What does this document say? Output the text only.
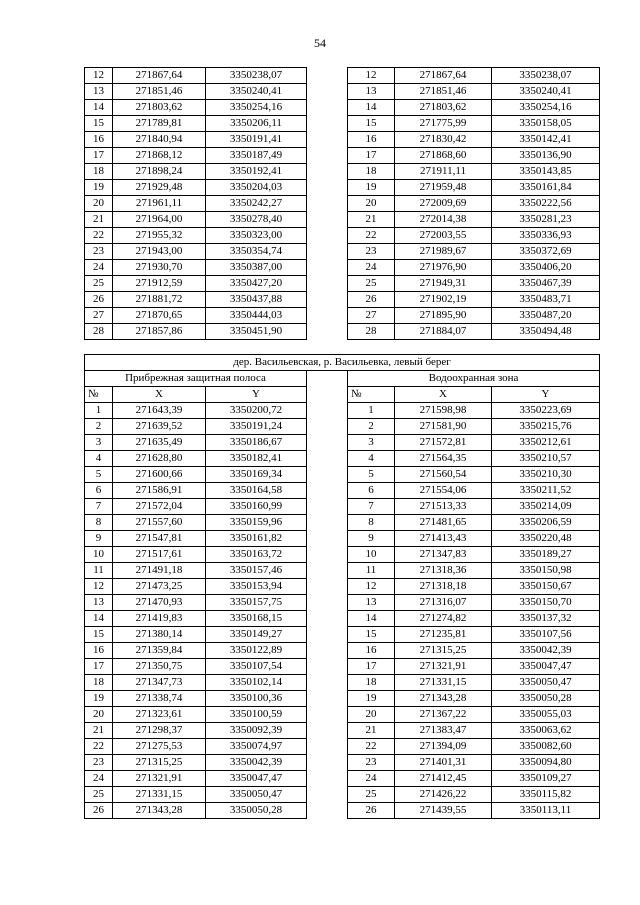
54
12	271867,64	3350238,07		12	271867,64	3350238,07
13	271851,46	3350240,41		13	271851,46	3350240,41
14	271803,62	3350254,16		14	271803,62	3350254,16
15	271789,81	3350206,11		15	271775,99	3350158,05
16	271840,94	3350191,41		16	271830,42	3350142,41
17	271868,12	3350187,49		17	271868,60	3350136,90
18	271898,24	3350192,41		18	271911,11	3350143,85
19	271929,48	3350204,03		19	271959,48	3350161,84
20	271961,11	3350242,27		20	272009,69	3350222,56
21	271964,00	3350278,40		21	272014,38	3350281,23
22	271955,32	3350323,00		22	272003,55	3350336,93
23	271943,00	3350354,74		23	271989,67	3350372,69
24	271930,70	3350387,00		24	271976,90	3350406,20
25	271912,59	3350427,20		25	271949,31	3350467,39
26	271881,72	3350437,88		26	271902,19	3350483,71
27	271870,65	3350444,03		27	271895,90	3350487,20
28	271857,86	3350451,90		28	271884,07	3350494,48
дер. Васильевская, р. Васильевка, левый берег						
Прибрежная защитная полоса				Водоохранная зона		
№	X	Y		№	X	Y
1	271643,39	3350200,72		1	271598,98	3350223,69
2	271639,52	3350191,24		2	271581,90	3350215,76
3	271635,49	3350186,67		3	271572,81	3350212,61
4	271628,80	3350182,41		4	271564,35	3350210,57
5	271600,66	3350169,34		5	271560,54	3350210,30
6	271586,91	3350164,58		6	271554,06	3350211,52
7	271572,04	3350160,99		7	271513,33	3350214,09
8	271557,60	3350159,96		8	271481,65	3350206,59
9	271547,81	3350161,82		9	271413,43	3350220,48
10	271517,61	3350163,72		10	271347,83	3350189,27
11	271491,18	3350157,46		11	271318,36	3350150,98
12	271473,25	3350153,94		12	271318,18	3350150,67
13	271470,93	3350157,75		13	271316,07	3350150,70
14	271419,83	3350168,15		14	271274,82	3350137,32
15	271380,14	3350149,27		15	271235,81	3350107,56
16	271359,84	3350122,89		16	271315,25	3350042,39
17	271350,75	3350107,54		17	271321,91	3350047,47
18	271347,73	3350102,14		18	271331,15	3350050,47
19	271338,74	3350100,36		19	271343,28	3350050,28
20	271323,61	3350100,59		20	271367,22	3350055,03
21	271298,37	3350092,39		21	271383,47	3350063,62
22	271275,53	3350074,97		22	271394,09	3350082,60
23	271315,25	3350042,39		23	271401,31	3350094,80
24	271321,91	3350047,47		24	271412,45	3350109,27
25	271331,15	3350050,47		25	271426,22	3350115,82
26	271343,28	3350050,28		26	271439,55	3350113,11
